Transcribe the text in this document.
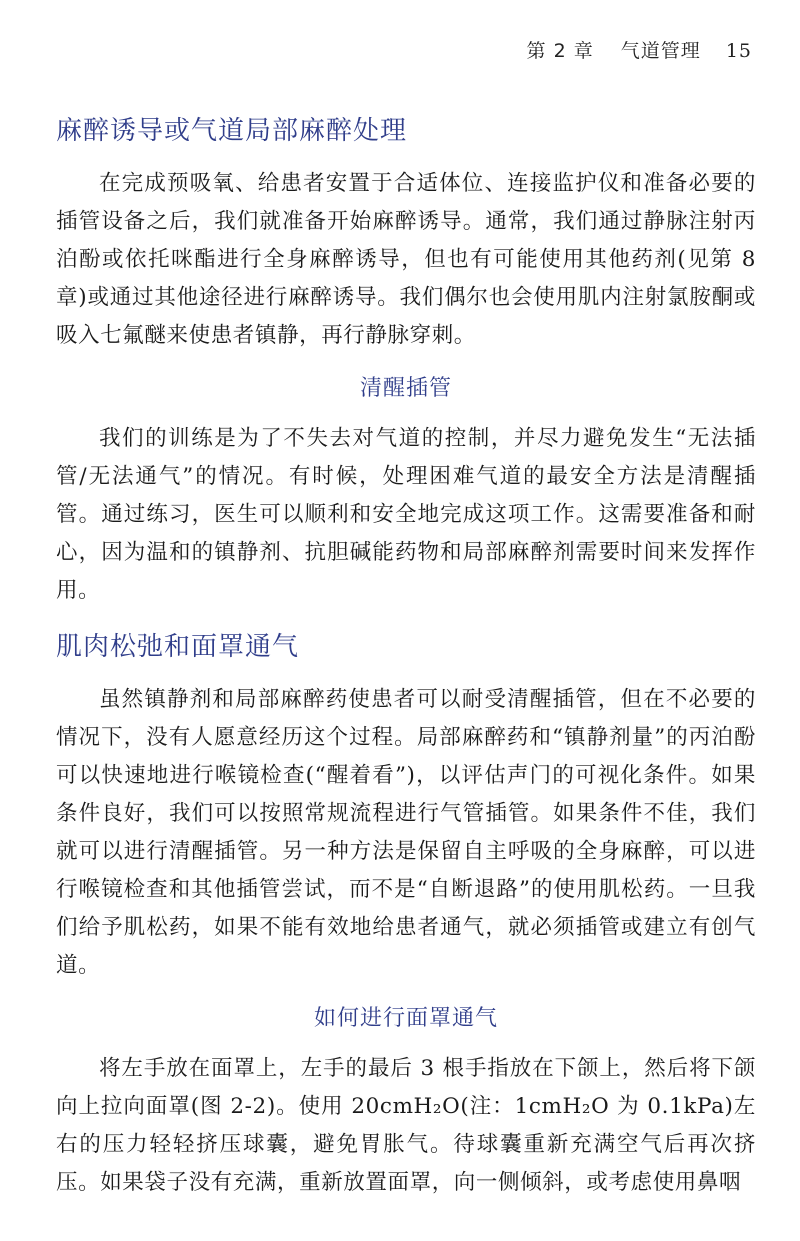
第 2 章 气道管理 15
麻醉诱导或气道局部麻醉处理

在完成预吸氧、给患者安置于合适体位、连接监护仪和准备必要的插管设备之后，我们就准备开始麻醉诱导。通常，我们通过静脉注射丙泊酚或依托咪酯进行全身麻醉诱导，但也有可能使用其他药剂(见第 8 章)或通过其他途径进行麻醉诱导。我们偶尔也会使用肌内注射氯胺酮或吸入七氟醚来使患者镇静，再行静脉穿刺。

清醒插管

我们的训练是为了不失去对气道的控制，并尽力避免发生“无法插管/无法通气”的情况。有时候，处理困难气道的最安全方法是清醒插管。通过练习，医生可以顺利和安全地完成这项工作。这需要准备和耐心，因为温和的镇静剂、抗胆碱能药物和局部麻醉剂需要时间来发挥作用。

肌肉松弛和面罩通气

虽然镇静剂和局部麻醉药使患者可以耐受清醒插管，但在不必要的情况下，没有人愿意经历这个过程。局部麻醉药和“镇静剂量”的丙泊酚可以快速地进行喉镜检查(“醒着看”)，以评估声门的可视化条件。如果条件良好，我们可以按照常规流程进行气管插管。如果条件不佳，我们就可以进行清醒插管。另一种方法是保留自主呼吸的全身麻醉，可以进行喉镜检查和其他插管尝试，而不是“自断退路”的使用肌松药。一旦我们给予肌松药，如果不能有效地给患者通气，就必须插管或建立有创气道。

如何进行面罩通气

将左手放在面罩上，左手的最后 3 根手指放在下颌上，然后将下颌向上拉向面罩(图 2-2)。使用 20cmH₂O(注：1cmH₂O 为 0.1kPa)左右的压力轻轻挤压球囊，避免胃胀气。待球囊重新充满空气后再次挤压。如果袋子没有充满，重新放置面罩，向一侧倾斜，或考虑使用鼻咽
